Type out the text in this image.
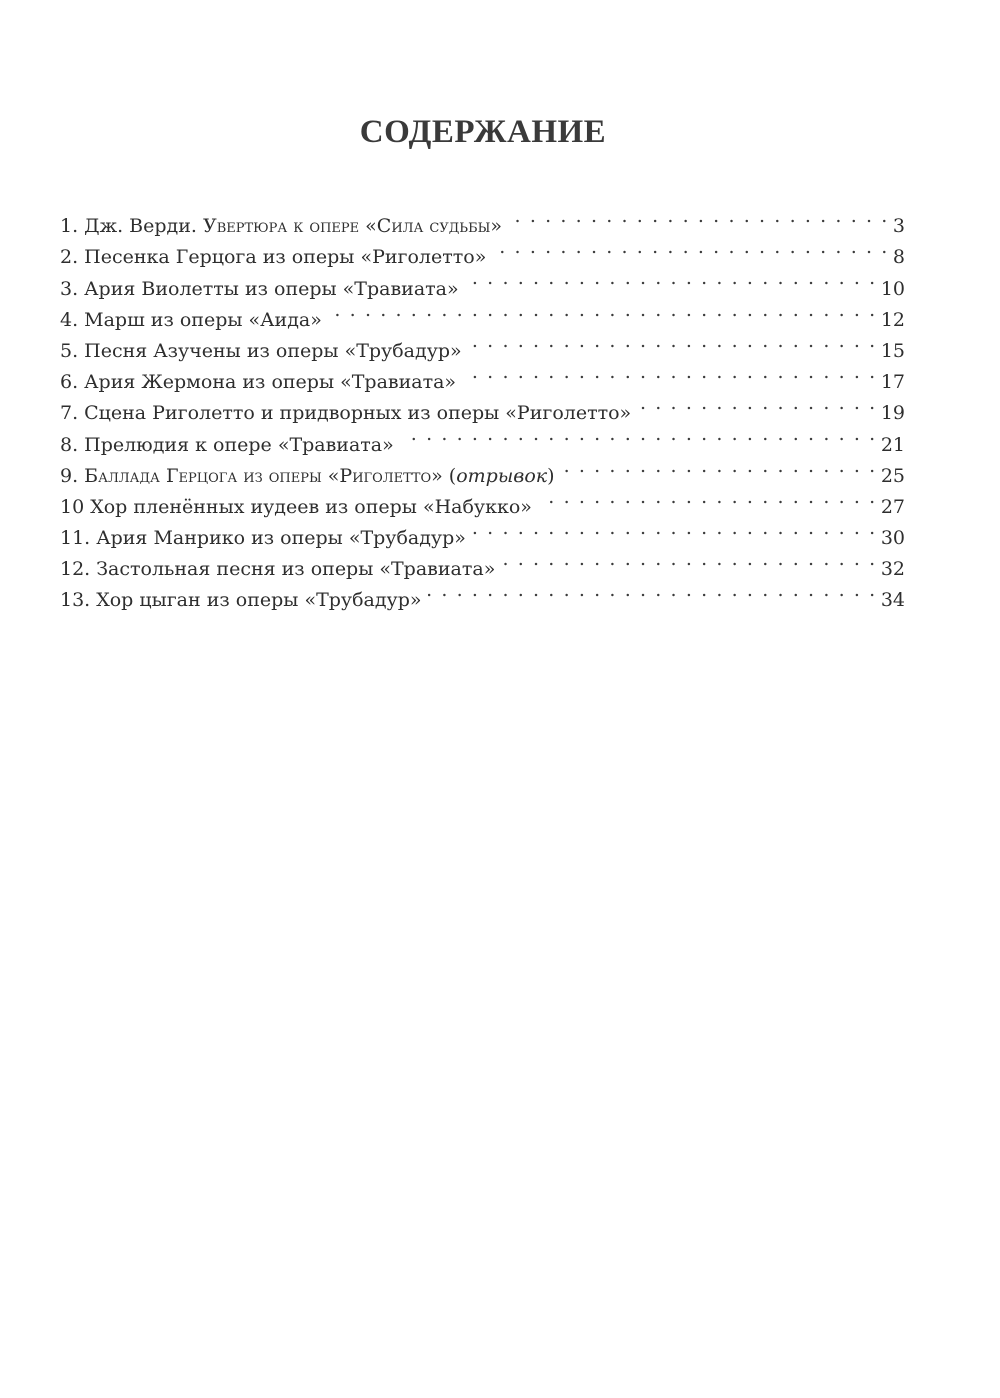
СОДЕРЖАНИЕ
1. Дж. Верди. Увертюра к опере «Сила судьбы» . . .	3
2. Песенка Герцога из оперы «Риголетто» . . .	8
3. Ария Виолетты из оперы «Травиата» . . .	10
4. Марш из оперы «Аида» . . .	12
5. Песня Азучены из оперы «Трубадур» . . .	15
6. Ария Жермона из оперы «Травиата» . . .	17
7. Сцена Риголетто и придворных из оперы «Риголетто» . . .	19
8. Прелюдия к опере «Травиата» . . .	21
9. Баллада Герцога из оперы «Риголетто» (отрывок) . . .	25
10 Хор пленённых иудеев из оперы «Набукко» . . .	27
11. Ария Манрико из оперы «Трубадур» . . .	30
12. Застольная песня из оперы «Травиата» . . .	32
13. Хор цыган из оперы «Трубадур» . . .	34
